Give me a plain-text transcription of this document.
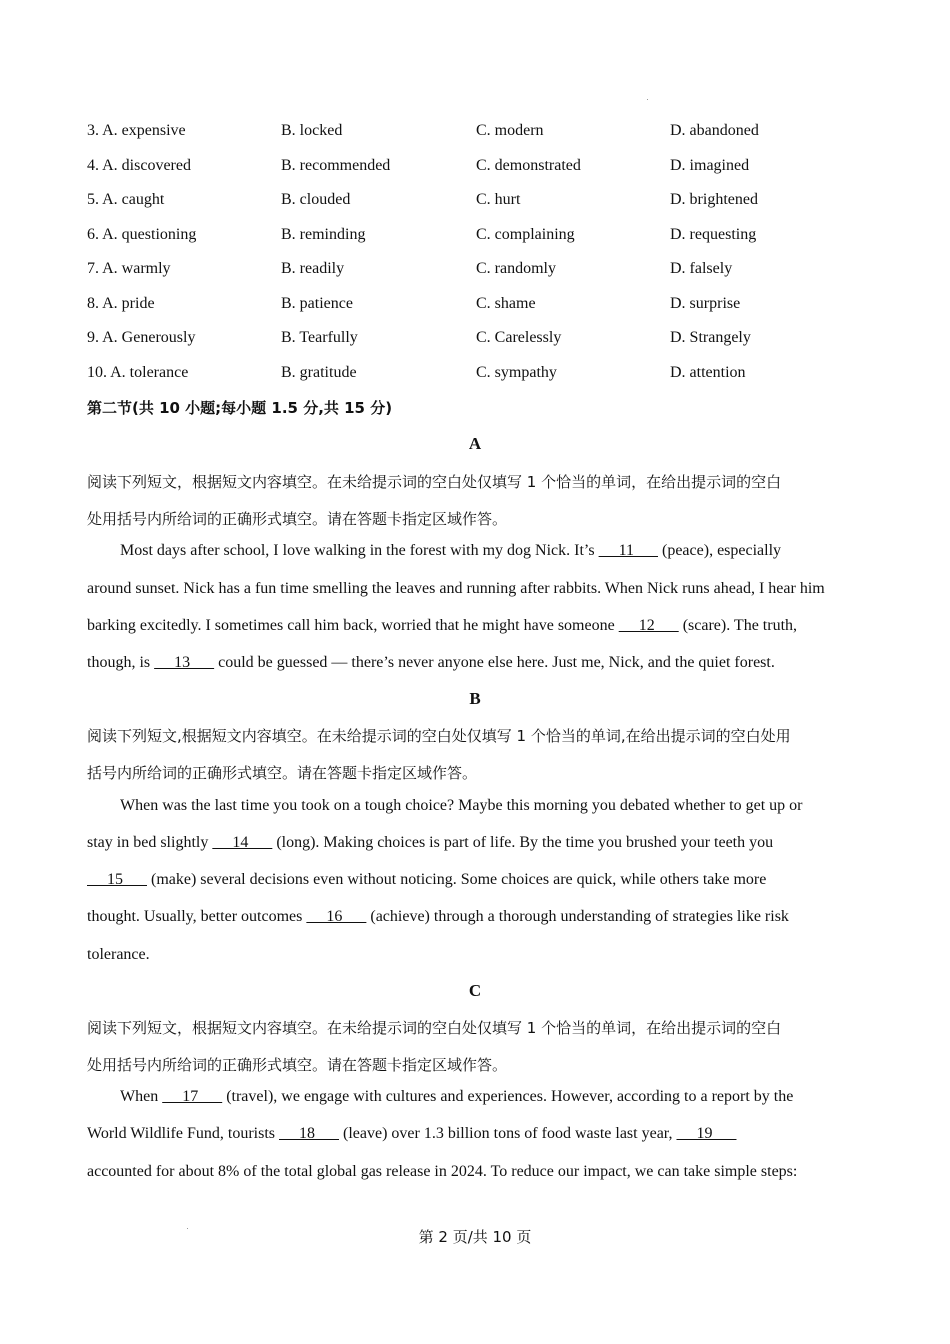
3. A. expensive	B. locked	C. modern	D. abandoned
4. A. discovered	B. recommended	C. demonstrated	D. imagined
5. A. caught	B. clouded	C. hurt	D. brightened
6. A. questioning	B. reminding	C. complaining	D. requesting
7. A. warmly	B. readily	C. randomly	D. falsely
8. A. pride	B. patience	C. shame	D. surprise
9. A. Generously	B. Tearfully	C. Carelessly	D. Strangely
10. A. tolerance	B. gratitude	C. sympathy	D. attention
第二节(共 10 小题;每小题 1.5 分,共 15 分)
A
阅读下列短文，根据短文内容填空。在未给提示词的空白处仅填写 1 个恰当的单词，在给出提示词的空白
处用括号内所给词的正确形式填空。请在答题卡指定区域作答。
Most days after school, I love walking in the forest with my dog Nick. It’s      11       (peace), especially
around sunset. Nick has a fun time smelling the leaves and running after rabbits. When Nick runs ahead, I hear him
barking excitedly. I sometimes call him back, worried that he might have someone      12       (scare). The truth,
though, is      13       could be guessed — there’s never anyone else here. Just me, Nick, and the quiet forest.
B
阅读下列短文,根据短文内容填空。在未给提示词的空白处仅填写 1 个恰当的单词,在给出提示词的空白处用
括号内所给词的正确形式填空。请在答题卡指定区域作答。
When was the last time you took on a tough choice? Maybe this morning you debated whether to get up or
stay in bed slightly      14       (long). Making choices is part of life. By the time you brushed your teeth you
15       (make) several decisions even without noticing. Some choices are quick, while others take more
thought. Usually, better outcomes      16       (achieve) through a thorough understanding of strategies like risk
tolerance.
C
阅读下列短文，根据短文内容填空。在未给提示词的空白处仅填写 1 个恰当的单词，在给出提示词的空白
处用括号内所给词的正确形式填空。请在答题卡指定区域作答。
When      17       (travel), we engage with cultures and experiences. However, according to a report by the
World Wildlife Fund, tourists      18       (leave) over 1.3 billion tons of food waste last year,      19
accounted for about 8% of the total global gas release in 2024. To reduce our impact, we can take simple steps:
第 2 页/共 10 页
